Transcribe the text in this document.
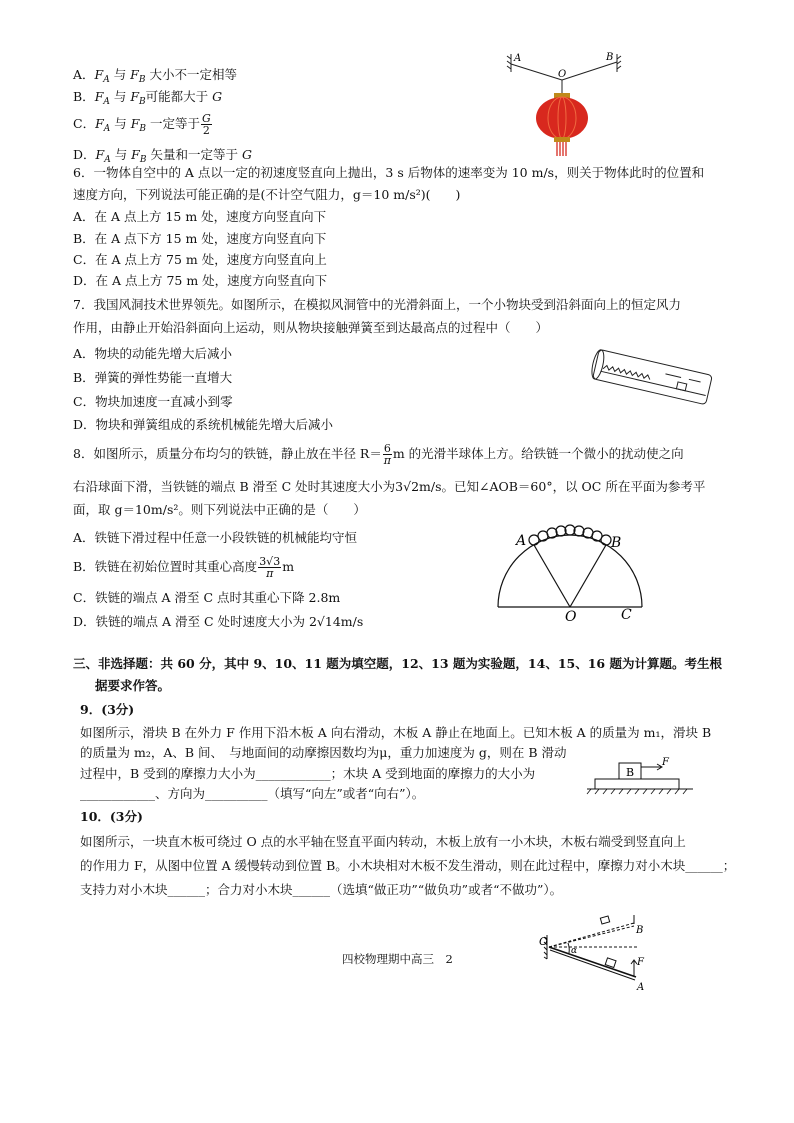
A．$F_A$ 与 $F_B$ 大小不一定相等
B．$F_A$ 与 $F_B$可能都大于 G
C．$F_A$ 与 $F_B$ 一定等于 $\frac{G}{2}$
D．$F_A$ 与 $F_B$ 矢量和一定等于 G
A	B
O
6．一物体自空中的 A 点以一定的初速度竖直向上抛出，3 s 后物体的速率变为 10 m/s，则关于物体此时的位置和
速度方向，下列说法可能正确的是(不计空气阻力，g＝10 m/s²)(　　)
A．在 A 点上方 15 m 处，速度方向竖直向下
B．在 A 点下方 15 m 处，速度方向竖直向下
C．在 A 点上方 75 m 处，速度方向竖直向上
D．在 A 点上方 75 m 处，速度方向竖直向下
7．我国风洞技术世界领先。如图所示，在模拟风洞管中的光滑斜面上，一个小物块受到沿斜面向上的恒定风力
作用，由静止开始沿斜面向上运动，则从物块接触弹簧至到达最高点的过程中（　　）
A．物块的动能先增大后减小
B．弹簧的弹性势能一直增大
C．物块加速度一直减小到零
D．物块和弹簧组成的系统机械能先增大后减小
8．如图所示，质量分布均匀的铁链，静止放在半径 $R= \frac{6}{\pi}$ m 的光滑半球体上方。给铁链一个微小的扰动使之向
右沿球面下滑，当铁链的端点 B 滑至 C 处时其速度大小为3√2m/s。已知∠AOB＝60°，以 OC 所在平面为参考平
面，取 g＝10m/s²。则下列说法中正确的是（　　）
A．铁链下滑过程中任意一小段铁链的机械能均守恒
B．铁链在初始位置时其重心高度 $\frac{3√3}{\pi}$ m
C．铁链的端点 A 滑至 C 点时其重心下降 2.8m
D．铁链的端点 A 滑至 C 处时速度大小为 2√14m/s
A	B
O	C
三、非选择题：共 60 分，其中 9、10、11 题为填空题，12、13 题为实验题，14、15、16 题为计算题。考生根
据要求作答。
9．(3分)
如图所示，滑块 B 在外力 F 作用下沿木板 A 向右滑动，木板 A 静止在地面上。已知木板 A 的质量为 m₁，滑块 B
的质量为 m₂，A、B 间、　与地面间的动摩擦因数均为μ，重力加速度为 g，则在 B 滑动
过程中，B 受到的摩擦力大小为____________；木块 A 受到地面的摩擦力的大小为
____________、方向为__________（填写“向左”或者“向右”）。
B
F
10．(3分)
如图所示，一块直木板可绕过 O 点的水平轴在竖直平面内转动，木板上放有一小木块，木板右端受到竖直向上
的作用力 F，从图中位置 A 缓慢转动到位置 B。小木块相对木板不发生滑动，则在此过程中，摩擦力对小木块______；
支持力对小木块______；合力对小木块______（选填“做正功”“做负功”或者“不做功”）。
O
B
A
F
α
四校物理期中高三　2
